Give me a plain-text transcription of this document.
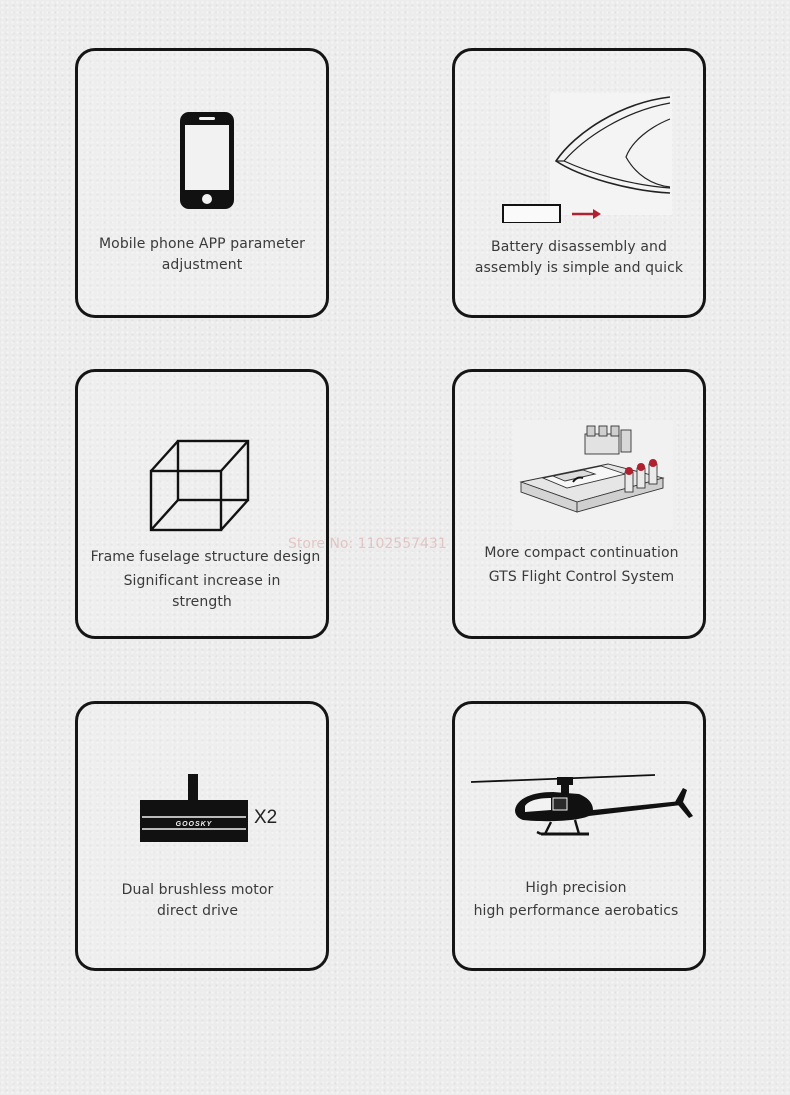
Mobile phone APP parameter
adjustment
Battery disassembly and
assembly is simple and quick
Frame fuselage structure design
Significant increase in
strength
More compact continuation
GTS Flight Control System
GOOSKY X2
Dual brushless motor
direct drive
High precision
high performance aerobatics
Store No: 1102557431
